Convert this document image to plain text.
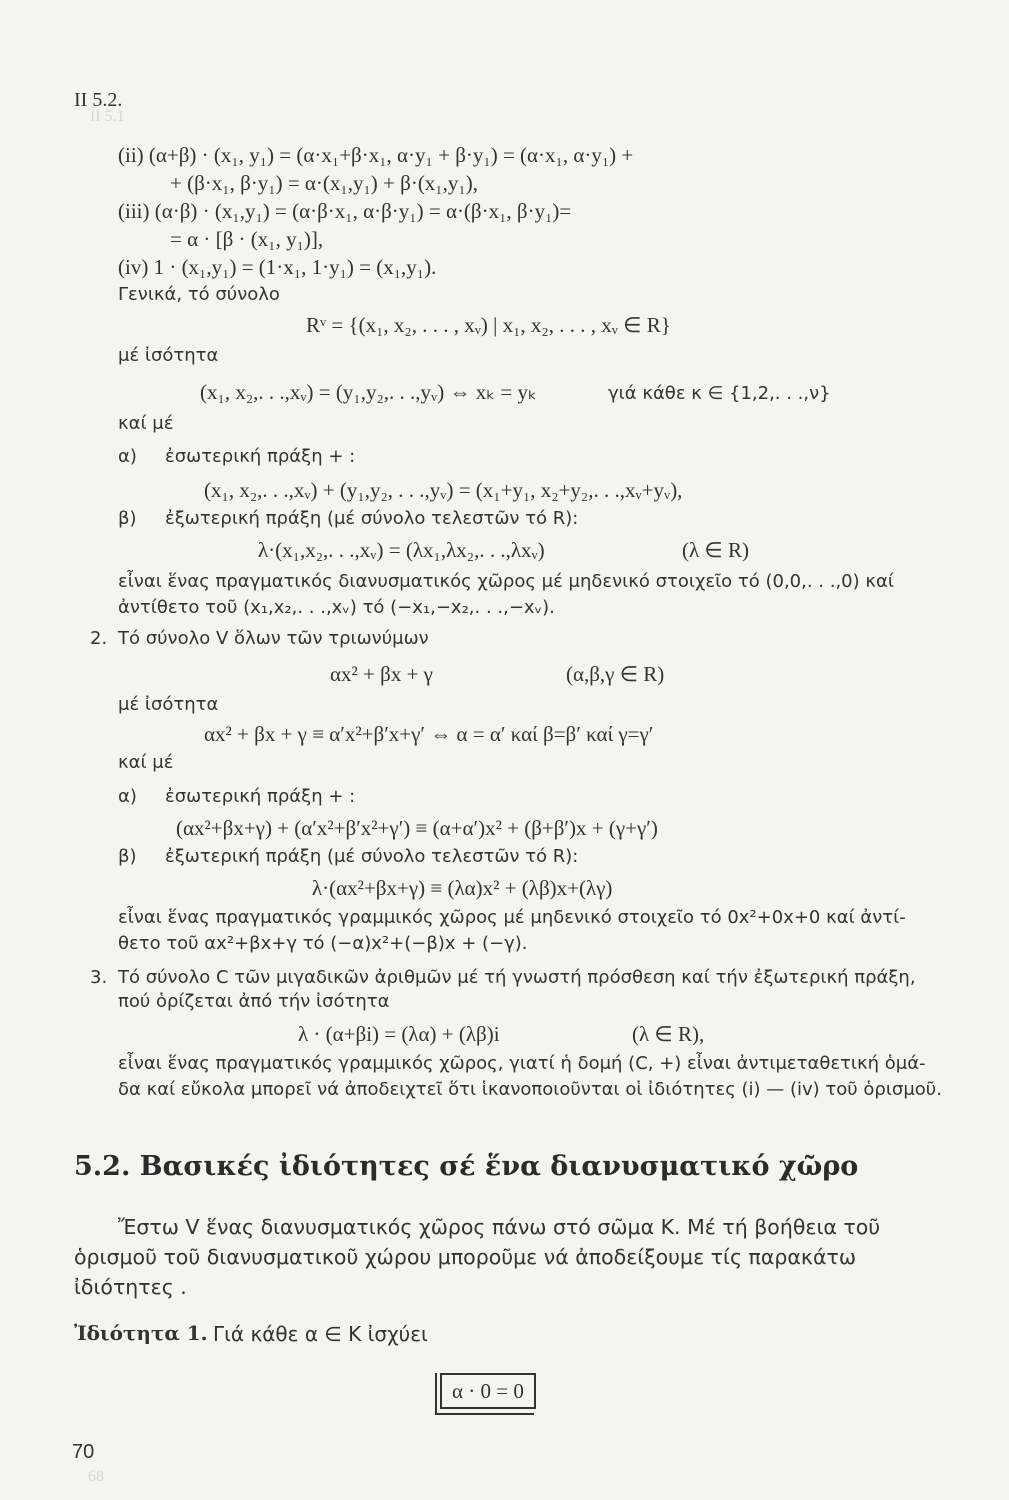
II 5.1
68
II 5.2.
(ii) (α+β) · (x₁, y₁) = (α·x₁+β·x₁, α·y₁ + β·y₁) = (α·x₁, α·y₁) +
+ (β·x₁, β·y₁) = α·(x₁,y₁) + β·(x₁,y₁),
(iii) (α·β) · (x₁,y₁) = (α·β·x₁, α·β·y₁) = α·(β·x₁, β·y₁)=
= α · [β · (x₁, y₁)],
(iv) 1 · (x₁,y₁) = (1·x₁, 1·y₁) = (x₁,y₁).
Γενικά, τό σύνολο
Rᵛ = {(x₁, x₂, . . . , xᵥ) | x₁, x₂, . . . , xᵥ ∈ R}
μέ ἰσότητα
(x₁, x₂,. . .,xᵥ) = (y₁,y₂,. . .,yᵥ) ⇔ xₖ = yₖ	γιά κάθε κ ∈ {1,2,. . .,ν}
καί μέ
α) ἐσωτερική πράξη + :
(x₁, x₂,. . .,xᵥ) + (y₁,y₂, . . .,yᵥ) = (x₁+y₁, x₂+y₂,. . .,xᵥ+yᵥ),
β) ἐξωτερική πράξη (μέ σύνολο τελεστῶν τό R):
λ·(x₁,x₂,. . .,xᵥ) = (λx₁,λx₂,. . .,λxᵥ)	(λ ∈ R)
εἶναι ἕνας πραγματικός διανυσματικός χῶρος μέ μηδενικό στοιχεῖο τό (0,0,. . .,0) καί
ἀντίθετο τοῦ (x₁,x₂,. . .,xᵥ) τό (−x₁,−x₂,. . .,−xᵥ).
2. Τό σύνολο V ὅλων τῶν τριωνύμων
αx² + βx + γ	(α,β,γ ∈ R)
μέ ἰσότητα
αx² + βx + γ ≡ α′x²+β′x+γ′ ⇔ α = α′ καί β=β′ καί γ=γ′
καί μέ
α) ἐσωτερική πράξη + :
(αx²+βx+γ) + (α′x²+β′x²+γ′) ≡ (α+α′)x² + (β+β′)x + (γ+γ′)
β) ἐξωτερική πράξη (μέ σύνολο τελεστῶν τό R):
λ·(αx²+βx+γ) ≡ (λα)x² + (λβ)x+(λγ)
εἶναι ἕνας πραγματικός γραμμικός χῶρος μέ μηδενικό στοιχεῖο τό 0x²+0x+0 καί ἀντί-
θετο τοῦ αx²+βx+γ τό (−α)x²+(−β)x + (−γ).
3. Τό σύνολο C τῶν μιγαδικῶν ἀριθμῶν μέ τή γνωστή πρόσθεση καί τήν ἐξωτερική πράξη,
πού ὁρίζεται ἀπό τήν ἰσότητα
λ · (α+βi) = (λα) + (λβ)i	(λ ∈ R),
εἶναι ἕνας πραγματικός γραμμικός χῶρος, γιατί ἡ δομή (C, +) εἶναι ἀντιμεταθετική ὁμά-
δα καί εὔκολα μπορεῖ νά ἀποδειχτεῖ ὅτι ἱκανοποιοῦνται οἱ ἰδιότητες (i) — (iv) τοῦ ὁρισμοῦ.
5.2. Βασικές ἰδιότητες σέ ἕνα διανυσματικό χῶρο
Ἔστω V ἕνας διανυσματικός χῶρος πάνω στό σῶμα K. Μέ τή βοήθεια τοῦ
ὁρισμοῦ τοῦ διανυσματικοῦ χώρου μποροῦμε νά ἀποδείξουμε τίς παρακάτω
ἰδιότητες .
Ἰδιότητα 1. Γιά κάθε α ∈ K ἰσχύει
α · 0 = 0
70
